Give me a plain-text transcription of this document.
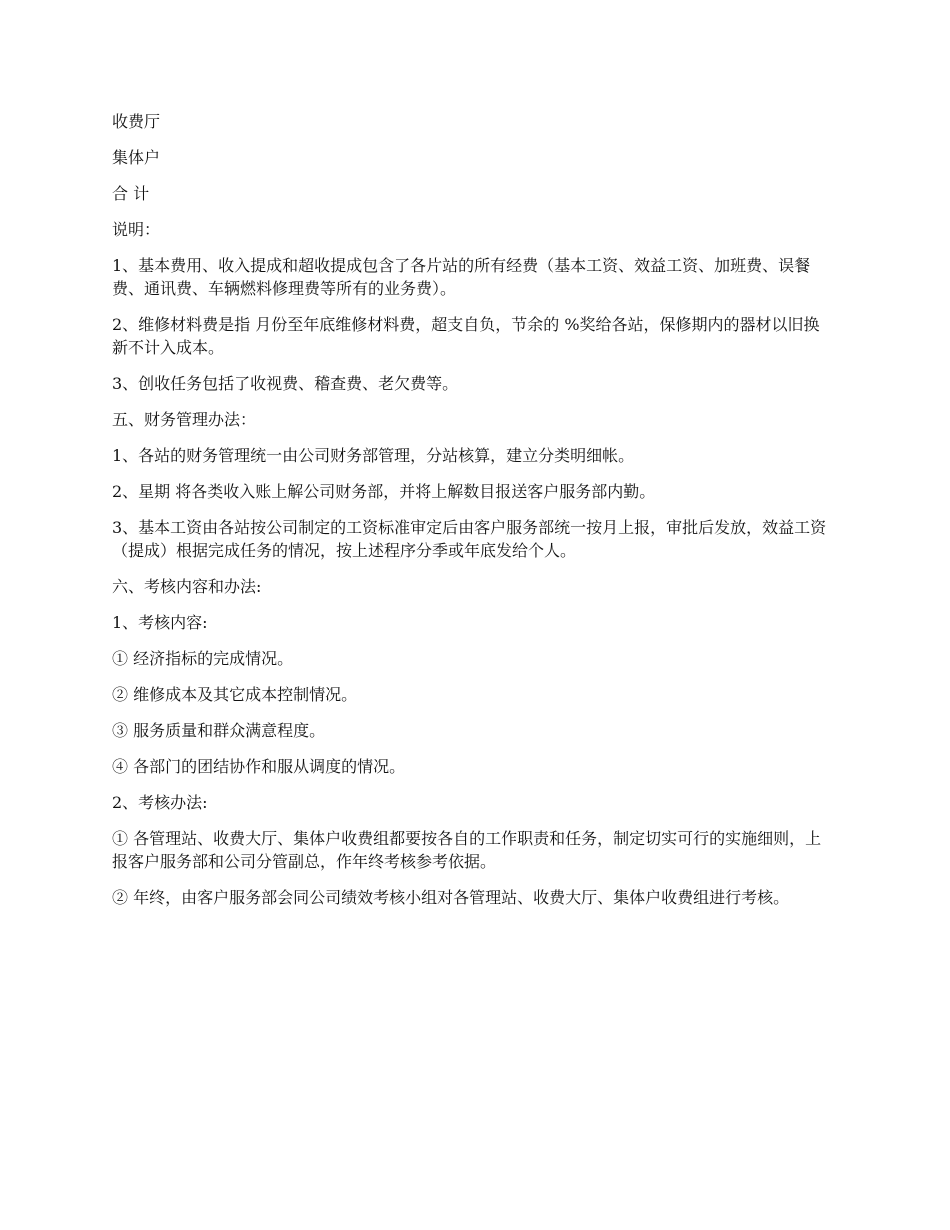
收费厅

集体户

合 计

说明：

1、基本费用、收入提成和超收提成包含了各片站的所有经费（基本工资、效益工资、加班费、误餐费、通讯费、车辆燃料修理费等所有的业务费）。

2、维修材料费是指 月份至年底维修材料费，超支自负，节余的 %奖给各站，保修期内的器材以旧换新不计入成本。

3、创收任务包括了收视费、稽查费、老欠费等。

五、财务管理办法：

1、各站的财务管理统一由公司财务部管理，分站核算，建立分类明细帐。

2、星期 将各类收入账上解公司财务部，并将上解数目报送客户服务部内勤。

3、基本工资由各站按公司制定的工资标准审定后由客户服务部统一按月上报，审批后发放，效益工资（提成）根据完成任务的情况，按上述程序分季或年底发给个人。

六、考核内容和办法:

1、考核内容:

① 经济指标的完成情况。

② 维修成本及其它成本控制情况。

③ 服务质量和群众满意程度。

④ 各部门的团结协作和服从调度的情况。

2、考核办法:

① 各管理站、收费大厅、集体户收费组都要按各自的工作职责和任务，制定切实可行的实施细则，上报客户服务部和公司分管副总，作年终考核参考依据。

② 年终，由客户服务部会同公司绩效考核小组对各管理站、收费大厅、集体户收费组进行考核。
